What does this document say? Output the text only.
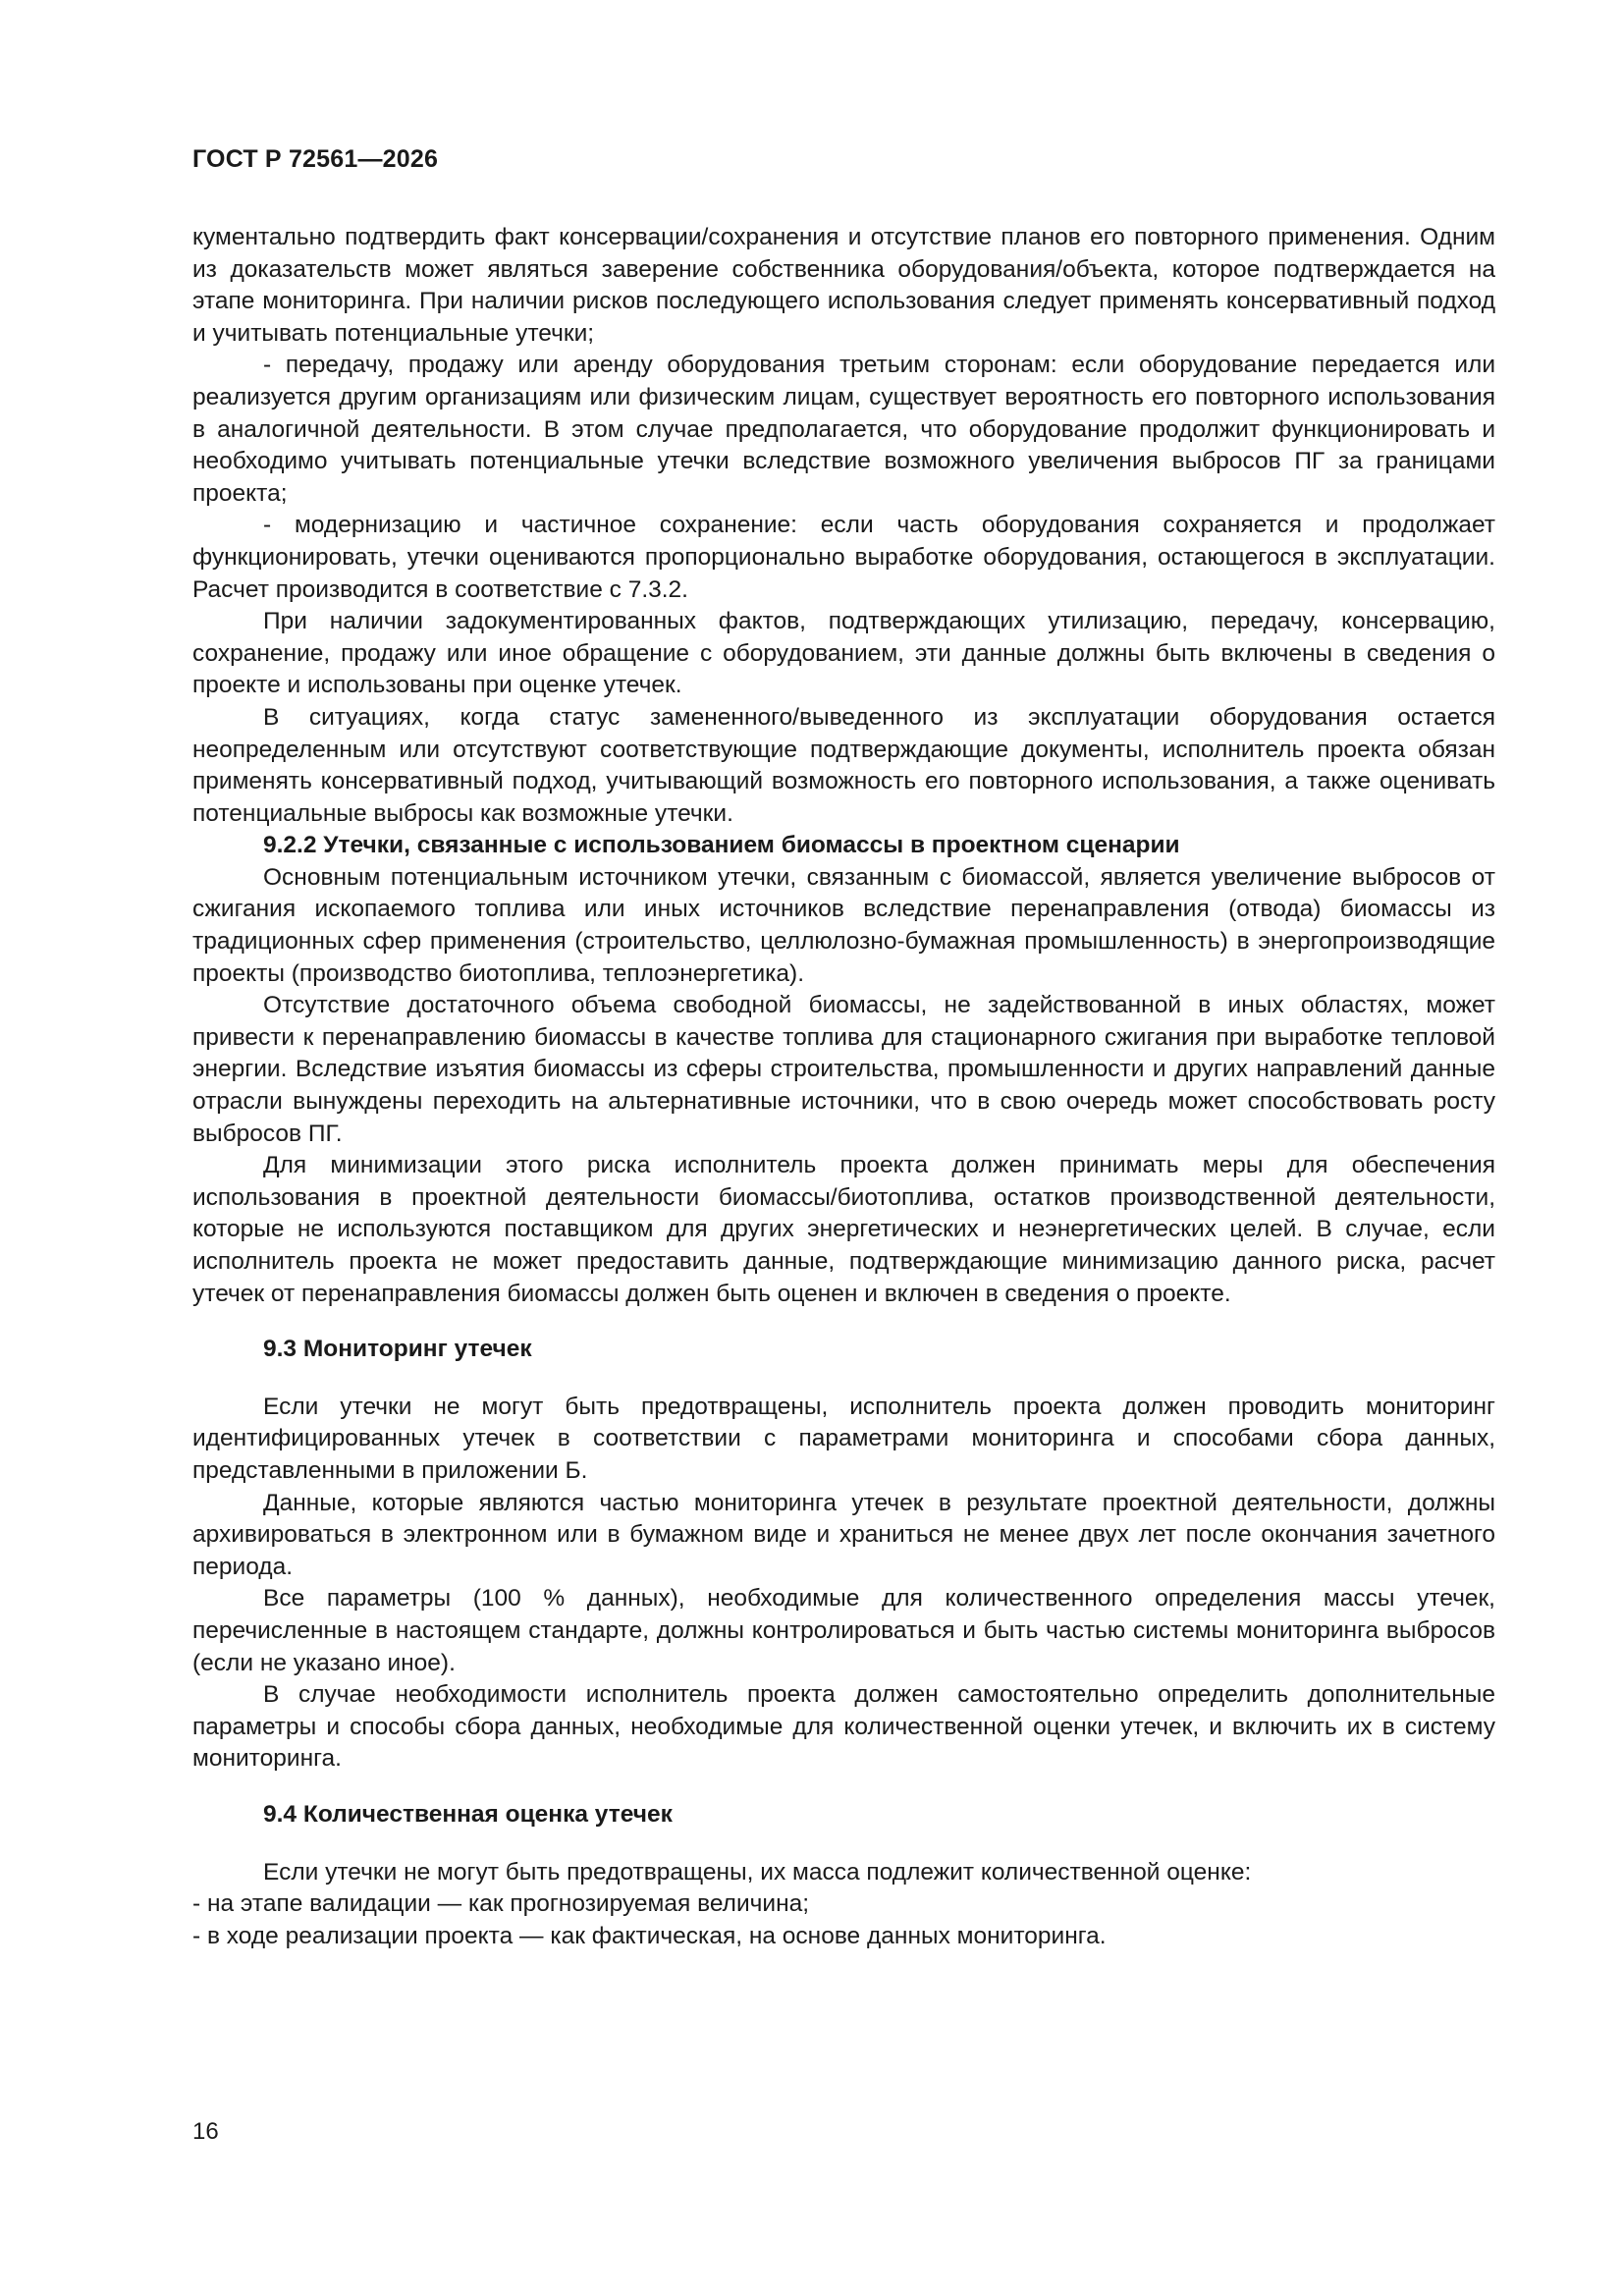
ГОСТ Р 72561—2026

кументально подтвердить факт консервации/сохранения и отсутствие планов его повторного применения. Одним из доказательств может являться заверение собственника оборудования/объекта, которое подтверждается на этапе мониторинга. При наличии рисков последующего использования следует применять консервативный подход и учитывать потенциальные утечки;

- передачу, продажу или аренду оборудования третьим сторонам: если оборудование передается или реализуется другим организациям или физическим лицам, существует вероятность его повторного использования в аналогичной деятельности. В этом случае предполагается, что оборудование продолжит функционировать и необходимо учитывать потенциальные утечки вследствие возможного увеличения выбросов ПГ за границами проекта;

- модернизацию и частичное сохранение: если часть оборудования сохраняется и продолжает функционировать, утечки оцениваются пропорционально выработке оборудования, остающегося в эксплуатации. Расчет производится в соответствие с 7.3.2.

При наличии задокументированных фактов, подтверждающих утилизацию, передачу, консервацию, сохранение, продажу или иное обращение с оборудованием, эти данные должны быть включены в сведения о проекте и использованы при оценке утечек.

В ситуациях, когда статус замененного/выведенного из эксплуатации оборудования остается неопределенным или отсутствуют соответствующие подтверждающие документы, исполнитель проекта обязан применять консервативный подход, учитывающий возможность его повторного использования, а также оценивать потенциальные выбросы как возможные утечки.

9.2.2 Утечки, связанные с использованием биомассы в проектном сценарии

Основным потенциальным источником утечки, связанным с биомассой, является увеличение выбросов от сжигания ископаемого топлива или иных источников вследствие перенаправления (отвода) биомассы из традиционных сфер применения (строительство, целлюлозно-бумажная промышленность) в энергопроизводящие проекты (производство биотоплива, теплоэнергетика).

Отсутствие достаточного объема свободной биомассы, не задействованной в иных областях, может привести к перенаправлению биомассы в качестве топлива для стационарного сжигания при выработке тепловой энергии. Вследствие изъятия биомассы из сферы строительства, промышленности и других направлений данные отрасли вынуждены переходить на альтернативные источники, что в свою очередь может способствовать росту выбросов ПГ.

Для минимизации этого риска исполнитель проекта должен принимать меры для обеспечения использования в проектной деятельности биомассы/биотоплива, остатков производственной деятельности, которые не используются поставщиком для других энергетических и неэнергетических целей. В случае, если исполнитель проекта не может предоставить данные, подтверждающие минимизацию данного риска, расчет утечек от перенаправления биомассы должен быть оценен и включен в сведения о проекте.

9.3 Мониторинг утечек

Если утечки не могут быть предотвращены, исполнитель проекта должен проводить мониторинг идентифицированных утечек в соответствии с параметрами мониторинга и способами сбора данных, представленными в приложении Б.

Данные, которые являются частью мониторинга утечек в результате проектной деятельности, должны архивироваться в электронном или в бумажном виде и храниться не менее двух лет после окончания зачетного периода.

Все параметры (100 % данных), необходимые для количественного определения массы утечек, перечисленные в настоящем стандарте, должны контролироваться и быть частью системы мониторинга выбросов (если не указано иное).

В случае необходимости исполнитель проекта должен самостоятельно определить дополнительные параметры и способы сбора данных, необходимые для количественной оценки утечек, и включить их в систему мониторинга.

9.4 Количественная оценка утечек

Если утечки не могут быть предотвращены, их масса подлежит количественной оценке:

- на этапе валидации — как прогнозируемая величина;

- в ходе реализации проекта — как фактическая, на основе данных мониторинга.

16
